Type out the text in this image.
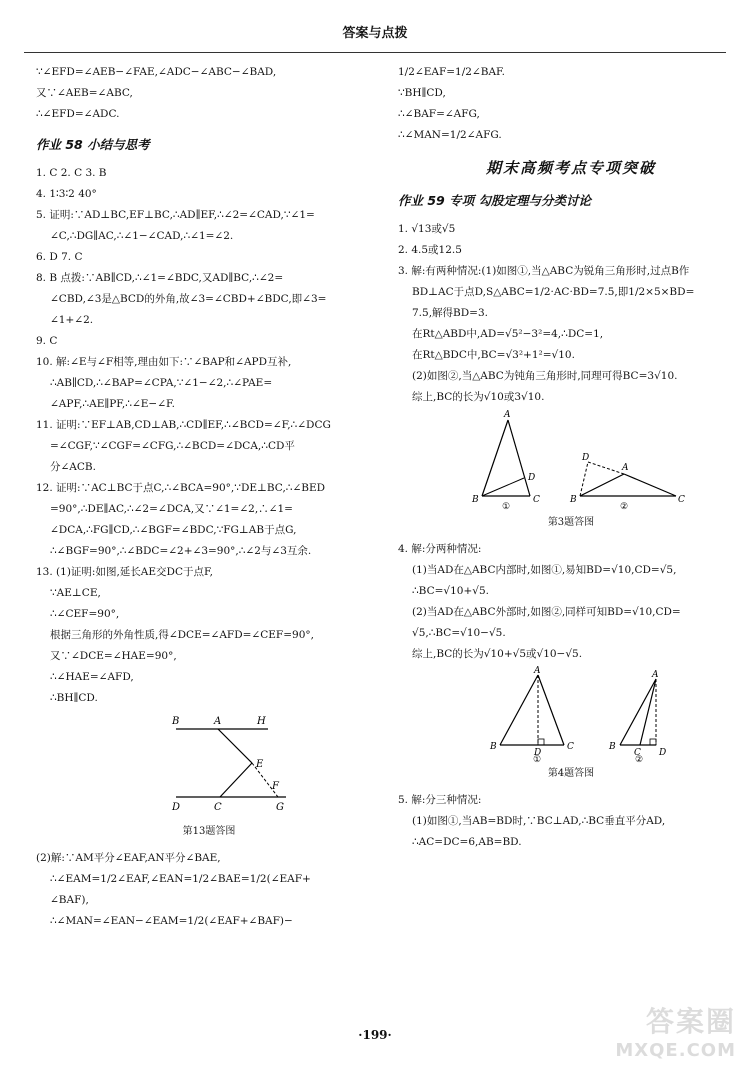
答案与点拨
∵∠EFD=∠AEB−∠FAE,∠ADC−∠ABC−∠BAD,
又∵∠AEB=∠ABC,
∴∠EFD=∠ADC.
作业 58 小结与思考
1. C 2. C 3. B
4. 1∶3∶2 40°
5. 证明:∵AD⊥BC,EF⊥BC,∴AD∥EF,∴∠2=∠CAD,∵∠1=
∠C,∴DG∥AC,∴∠1−∠CAD,∴∠1=∠2.
6. D 7. C
8. B 点拨:∵AB∥CD,∴∠1=∠BDC,又AD∥BC,∴∠2=
∠CBD,∠3是△BCD的外角,故∠3=∠CBD+∠BDC,即∠3=
∠1+∠2.
9. C
10. 解:∠E与∠F相等,理由如下:∵∠BAP和∠APD互补,
∴AB∥CD,∴∠BAP=∠CPA,∵∠1−∠2,∴∠PAE=
∠APF,∴AE∥PF,∴∠E−∠F.
11. 证明:∵EF⊥AB,CD⊥AB,∴CD∥EF,∴∠BCD=∠F,∴∠DCG
=∠CGF,∵∠CGF=∠CFG,∴∠BCD=∠DCA,∴CD平
分∠ACB.
12. 证明:∵AC⊥BC于点C,∴∠BCA=90°,∵DE⊥BC,∴∠BED
=90°,∴DE∥AC,∴∠2=∠DCA,又∵∠1=∠2,∴∠1=
∠DCA,∴FG∥CD,∴∠BGF=∠BDC,∵FG⊥AB于点G,
∴∠BGF=90°,∴∠BDC=∠2+∠3=90°,∴∠2与∠3互余.
13. (1)证明:如图,延长AE交DC于点F,
∵AE⊥CE,
∴∠CEF=90°,
根据三角形的外角性质,得∠DCE=∠AFD=∠CEF=90°,
又∵∠DCE=∠HAE=90°,
∴∠HAE=∠AFD,
∴BH∥CD.
B	A	H
E
F
D	C	G
第13题答图
(2)解:∵AM平分∠EAF,AN平分∠BAE,
∴∠EAM=1/2∠EAF,∠EAN=1/2∠BAE=1/2(∠EAF+
∠BAF),
∴∠MAN=∠EAN−∠EAM=1/2(∠EAF+∠BAF)−
1/2∠EAF=1/2∠BAF.
∵BH∥CD,
∴∠BAF=∠AFG,
∴∠MAN=1/2∠AFG.
期末高频考点专项突破
作业 59 专项 勾股定理与分类讨论
1. √13或√5
2. 4.5或12.5
3. 解:有两种情况:(1)如图①,当△ABC为锐角三角形时,过点B作
BD⊥AC于点D,S△ABC=1/2·AC·BD=7.5,即1/2×5×BD=
7.5,解得BD=3.
在Rt△ABD中,AD=√5²−3²=4,∴DC=1,
在Rt△BDC中,BC=√3²+1²=√10.
(2)如图②,当△ABC为钝角三角形时,同理可得BC=3√10.
综上,BC的长为√10或3√10.
A
D
B	C
①
D
A
B	C
②
第3题答图
4. 解:分两种情况:
(1)当AD在△ABC内部时,如图①,易知BD=√10,CD=√5,
∴BC=√10+√5.
(2)当AD在△ABC外部时,如图②,同样可知BD=√10,CD=
√5,∴BC=√10−√5.
综上,BC的长为√10+√5或√10−√5.
A
B
D
C
①
A
B
C D
②
第4题答图
5. 解:分三种情况:
(1)如图①,当AB=BD时,∵BC⊥AD,∴BC垂直平分AD,
∴AC=DC=6,AB=BD.
·199·	答案圈
MXQE.COM
